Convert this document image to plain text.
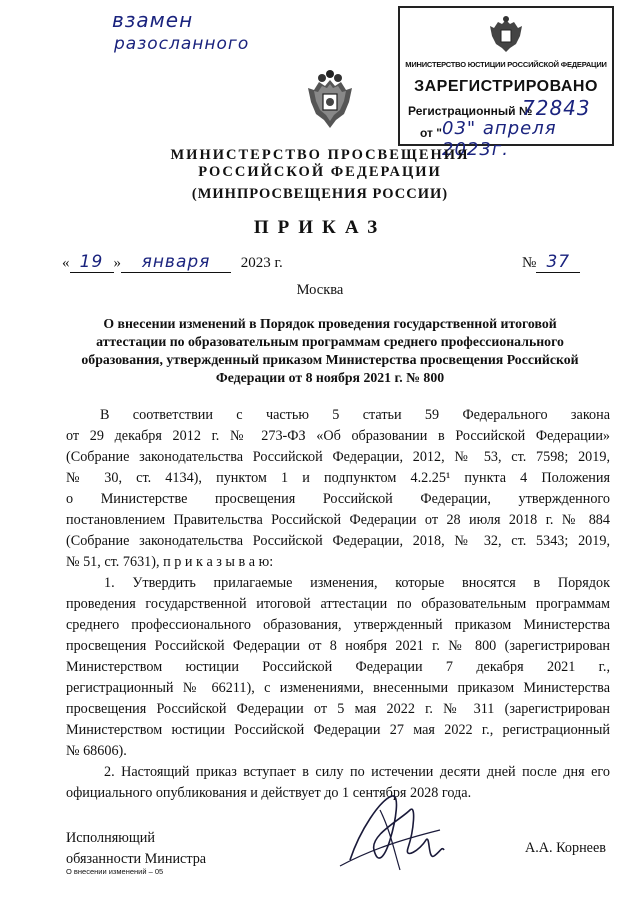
взамен
разосланного
МИНИСТЕРСТВО ЮСТИЦИИ РОССИЙСКОЙ ФЕДЕРАЦИИ
ЗАРЕГИСТРИРОВАНО
Регистрационный №
72843
от " 03" апреля 2023г.
МИНИСТЕРСТВО ПРОСВЕЩЕНИЯ
РОССИЙСКОЙ ФЕДЕРАЦИИ
(МИНПРОСВЕЩЕНИЯ РОССИИ)
ПРИКАЗ
« 19 » января 2023 г.	№ 37
Москва
О внесении изменений в Порядок проведения государственной итоговой
аттестации по образовательным программам среднего профессионального
образования, утвержденный приказом Министерства просвещения Российской
Федерации от 8 ноября 2021 г. № 800
В соответствии с частью 5 статьи 59 Федерального закона
от 29 декабря 2012 г. № 273-ФЗ «Об образовании в Российской Федерации»
(Собрание законодательства Российской Федерации, 2012, № 53, ст. 7598; 2019,
№ 30, ст. 4134), пунктом 1 и подпунктом 4.2.25¹ пункта 4 Положения
о Министерстве просвещения Российской Федерации, утвержденного
постановлением Правительства Российской Федерации от 28 июля 2018 г. № 884
(Собрание законодательства Российской Федерации, 2018, № 32, ст. 5343; 2019,
№ 51, ст. 7631), п р и к а з ы в а ю:
1. Утвердить прилагаемые изменения, которые вносятся в Порядок
проведения государственной итоговой аттестации по образовательным программам
среднего профессионального образования, утвержденный приказом Министерства
просвещения Российской Федерации от 8 ноября 2021 г. № 800 (зарегистрирован
Министерством юстиции Российской Федерации 7 декабря 2021 г.,
регистрационный № 66211), с изменениями, внесенными приказом Министерства
просвещения Российской Федерации от 5 мая 2022 г. № 311 (зарегистрирован
Министерством юстиции Российской Федерации 27 мая 2022 г., регистрационный
№ 68606).
2. Настоящий приказ вступает в силу по истечении десяти дней после дня его
официального опубликования и действует до 1 сентября 2028 года.
Исполняющий
обязанности Министра
А.А. Корнеев
О внесении изменений – 05
